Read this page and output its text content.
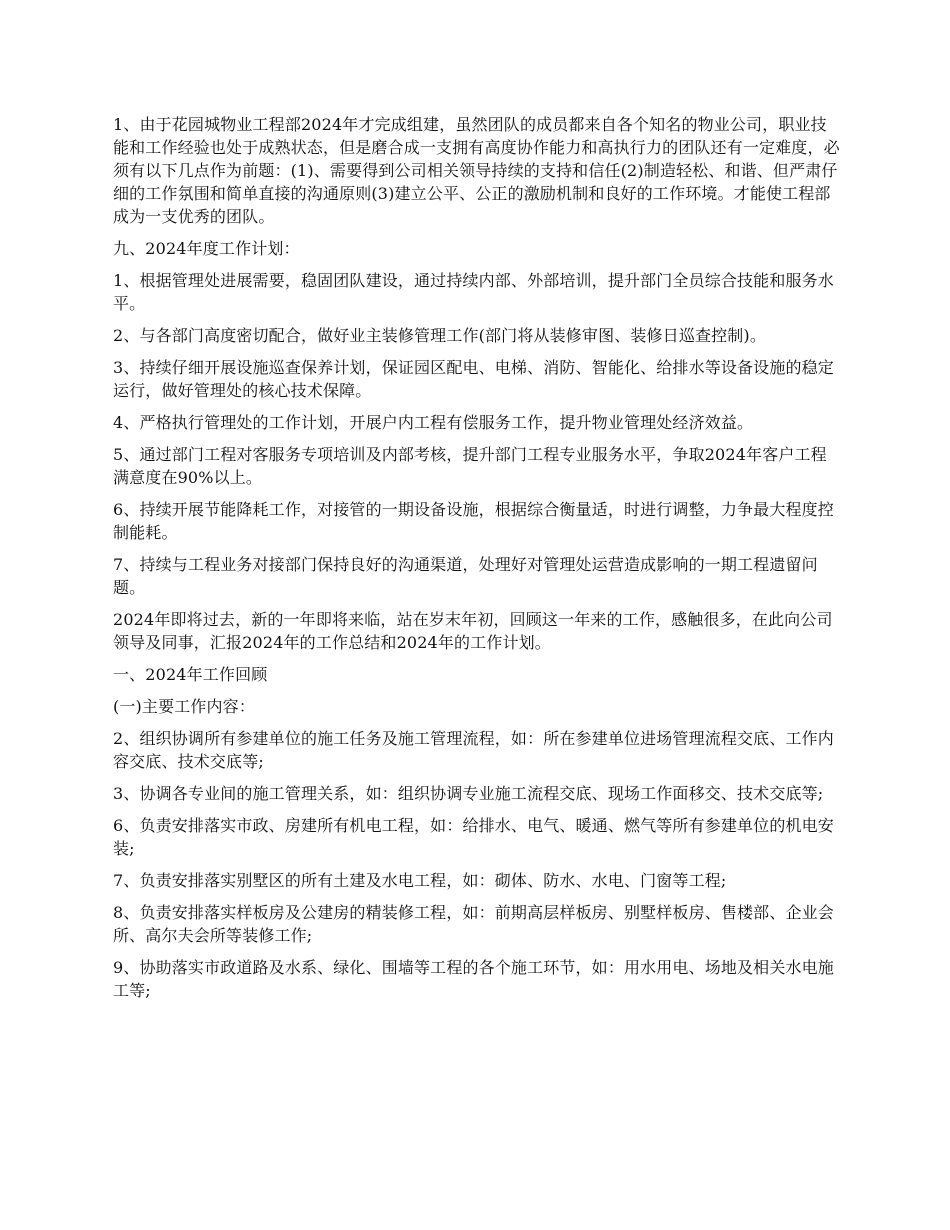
1、由于花园城物业工程部2024年才完成组建，虽然团队的成员都来自各个知名的物业公司，职业技能和工作经验也处于成熟状态，但是磨合成一支拥有高度协作能力和高执行力的团队还有一定难度，必须有以下几点作为前题：(1)、需要得到公司相关领导持续的支持和信任(2)制造轻松、和谐、但严肃仔细的工作氛围和简单直接的沟通原则(3)建立公平、公正的激励机制和良好的工作环境。才能使工程部成为一支优秀的团队。

九、2024年度工作计划：

1、根据管理处进展需要，稳固团队建设，通过持续内部、外部培训，提升部门全员综合技能和服务水平。

2、与各部门高度密切配合，做好业主装修管理工作(部门将从装修审图、装修日巡查控制)。

3、持续仔细开展设施巡查保养计划，保证园区配电、电梯、消防、智能化、给排水等设备设施的稳定运行，做好管理处的核心技术保障。

4、严格执行管理处的工作计划，开展户内工程有偿服务工作，提升物业管理处经济效益。

5、通过部门工程对客服务专项培训及内部考核，提升部门工程专业服务水平，争取2024年客户工程满意度在90%以上。

6、持续开展节能降耗工作，对接管的一期设备设施，根据综合衡量适，时进行调整，力争最大程度控制能耗。

7、持续与工程业务对接部门保持良好的沟通渠道，处理好对管理处运营造成影响的一期工程遗留问题。

2024年即将过去，新的一年即将来临，站在岁末年初，回顾这一年来的工作，感触很多，在此向公司领导及同事，汇报2024年的工作总结和2024年的工作计划。

一、2024年工作回顾

(一)主要工作内容：

2、组织协调所有参建单位的施工任务及施工管理流程，如：所在参建单位进场管理流程交底、工作内容交底、技术交底等;

3、协调各专业间的施工管理关系，如：组织协调专业施工流程交底、现场工作面移交、技术交底等;

6、负责安排落实市政、房建所有机电工程，如：给排水、电气、暖通、燃气等所有参建单位的机电安装;

7、负责安排落实别墅区的所有土建及水电工程，如：砌体、防水、水电、门窗等工程;

8、负责安排落实样板房及公建房的精装修工程，如：前期高层样板房、别墅样板房、售楼部、企业会所、高尔夫会所等装修工作;

9、协助落实市政道路及水系、绿化、围墙等工程的各个施工环节，如：用水用电、场地及相关水电施工等;
